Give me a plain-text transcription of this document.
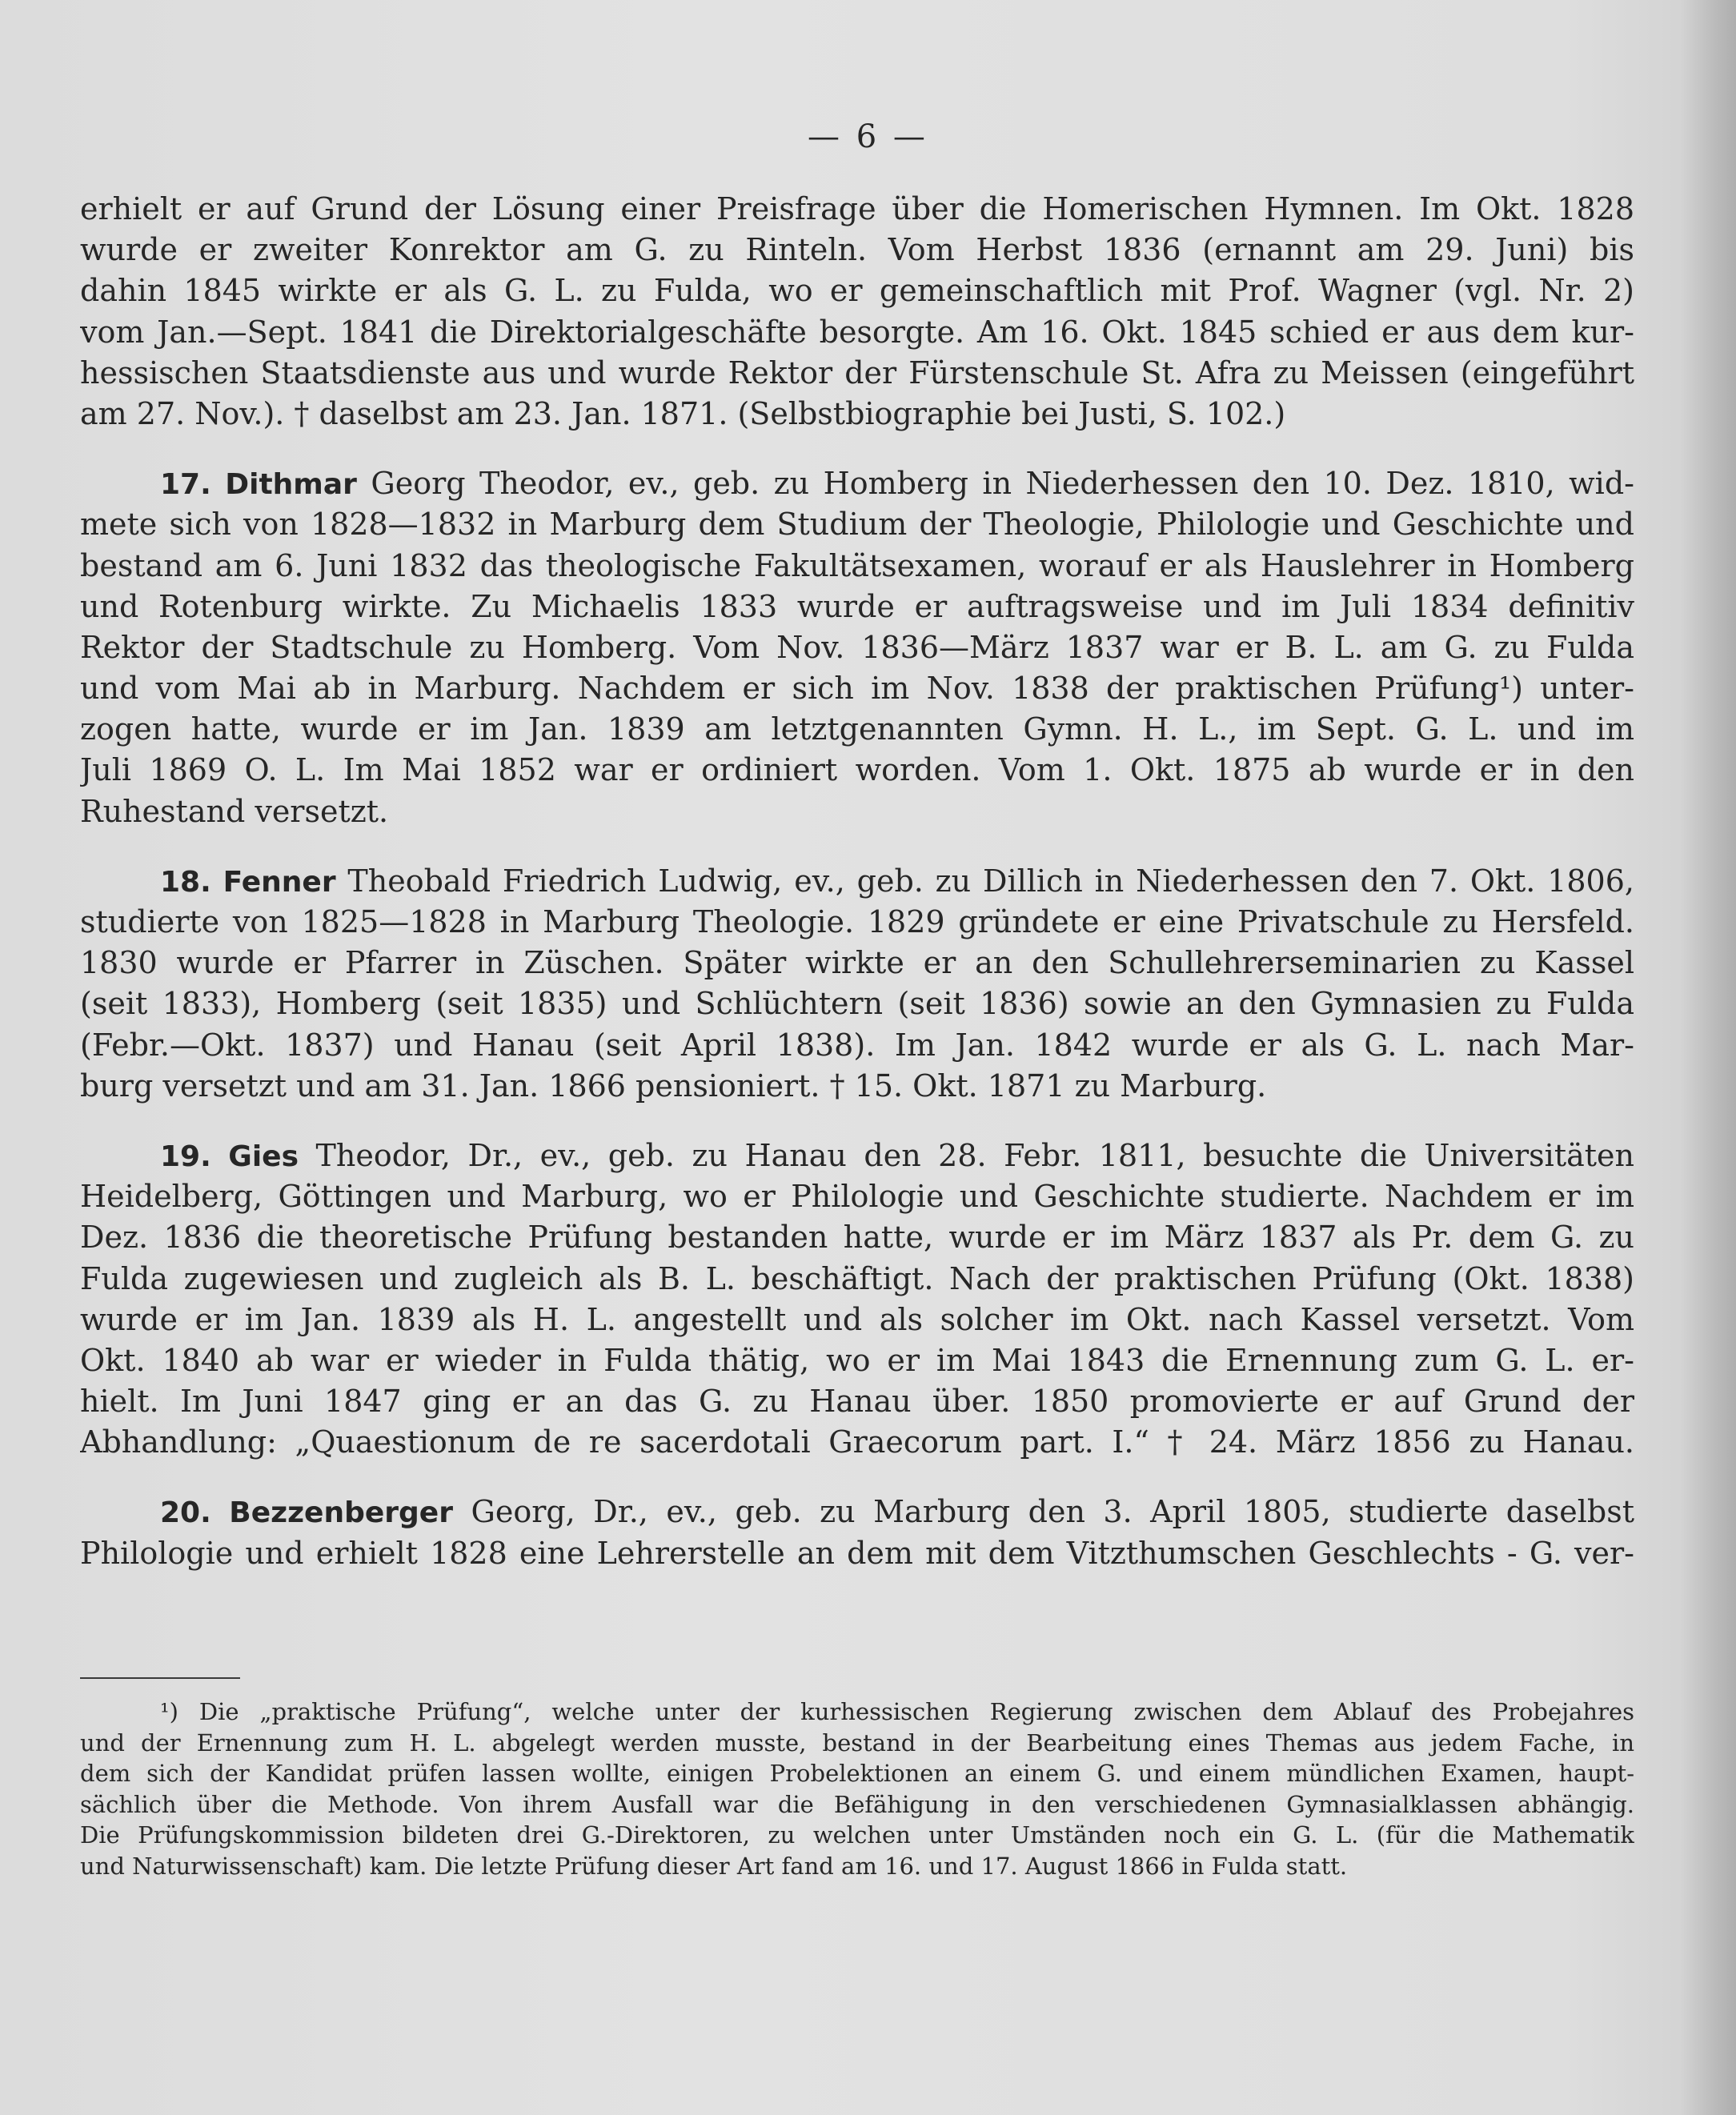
— 6 —
erhielt er auf Grund der Lösung einer Preisfrage über die Homerischen Hymnen. Im Okt. 1828
wurde er zweiter Konrektor am G. zu Rinteln. Vom Herbst 1836 (ernannt am 29. Juni) bis
dahin 1845 wirkte er als G. L. zu Fulda, wo er gemeinschaftlich mit Prof. Wagner (vgl. Nr. 2)
vom Jan.—Sept. 1841 die Direktorialgeschäfte besorgte. Am 16. Okt. 1845 schied er aus dem kur-
hessischen Staatsdienste aus und wurde Rektor der Fürstenschule St. Afra zu Meissen (eingeführt
am 27. Nov.). † daselbst am 23. Jan. 1871. (Selbstbiographie bei Justi, S. 102.)
17. Dithmar Georg Theodor, ev., geb. zu Homberg in Niederhessen den 10. Dez. 1810, wid-
mete sich von 1828—1832 in Marburg dem Studium der Theologie, Philologie und Geschichte und
bestand am 6. Juni 1832 das theologische Fakultätsexamen, worauf er als Hauslehrer in Homberg
und Rotenburg wirkte. Zu Michaelis 1833 wurde er auftragsweise und im Juli 1834 definitiv
Rektor der Stadtschule zu Homberg. Vom Nov. 1836—März 1837 war er B. L. am G. zu Fulda
und vom Mai ab in Marburg. Nachdem er sich im Nov. 1838 der praktischen Prüfung¹) unter-
zogen hatte, wurde er im Jan. 1839 am letztgenannten Gymn. H. L., im Sept. G. L. und im
Juli 1869 O. L. Im Mai 1852 war er ordiniert worden. Vom 1. Okt. 1875 ab wurde er in den
Ruhestand versetzt.
18. Fenner Theobald Friedrich Ludwig, ev., geb. zu Dillich in Niederhessen den 7. Okt. 1806,
studierte von 1825—1828 in Marburg Theologie. 1829 gründete er eine Privatschule zu Hersfeld.
1830 wurde er Pfarrer in Züschen. Später wirkte er an den Schullehrerseminarien zu Kassel
(seit 1833), Homberg (seit 1835) und Schlüchtern (seit 1836) sowie an den Gymnasien zu Fulda
(Febr.—Okt. 1837) und Hanau (seit April 1838). Im Jan. 1842 wurde er als G. L. nach Mar-
burg versetzt und am 31. Jan. 1866 pensioniert. † 15. Okt. 1871 zu Marburg.
19. Gies Theodor, Dr., ev., geb. zu Hanau den 28. Febr. 1811, besuchte die Universitäten
Heidelberg, Göttingen und Marburg, wo er Philologie und Geschichte studierte. Nachdem er im
Dez. 1836 die theoretische Prüfung bestanden hatte, wurde er im März 1837 als Pr. dem G. zu
Fulda zugewiesen und zugleich als B. L. beschäftigt. Nach der praktischen Prüfung (Okt. 1838)
wurde er im Jan. 1839 als H. L. angestellt und als solcher im Okt. nach Kassel versetzt. Vom
Okt. 1840 ab war er wieder in Fulda thätig, wo er im Mai 1843 die Ernennung zum G. L. er-
hielt. Im Juni 1847 ging er an das G. zu Hanau über. 1850 promovierte er auf Grund der
Abhandlung: „Quaestionum de re sacerdotali Graecorum part. I.“ † 24. März 1856 zu Hanau.
20. Bezzenberger Georg, Dr., ev., geb. zu Marburg den 3. April 1805, studierte daselbst
Philologie und erhielt 1828 eine Lehrerstelle an dem mit dem Vitzthumschen Geschlechts - G. ver-
¹) Die „praktische Prüfung“, welche unter der kurhessischen Regierung zwischen dem Ablauf des Probejahres
und der Ernennung zum H. L. abgelegt werden musste, bestand in der Bearbeitung eines Themas aus jedem Fache, in
dem sich der Kandidat prüfen lassen wollte, einigen Probelektionen an einem G. und einem mündlichen Examen, haupt-
sächlich über die Methode. Von ihrem Ausfall war die Befähigung in den verschiedenen Gymnasialklassen abhängig.
Die Prüfungskommission bildeten drei G.-Direktoren, zu welchen unter Umständen noch ein G. L. (für die Mathematik
und Naturwissenschaft) kam. Die letzte Prüfung dieser Art fand am 16. und 17. August 1866 in Fulda statt.
